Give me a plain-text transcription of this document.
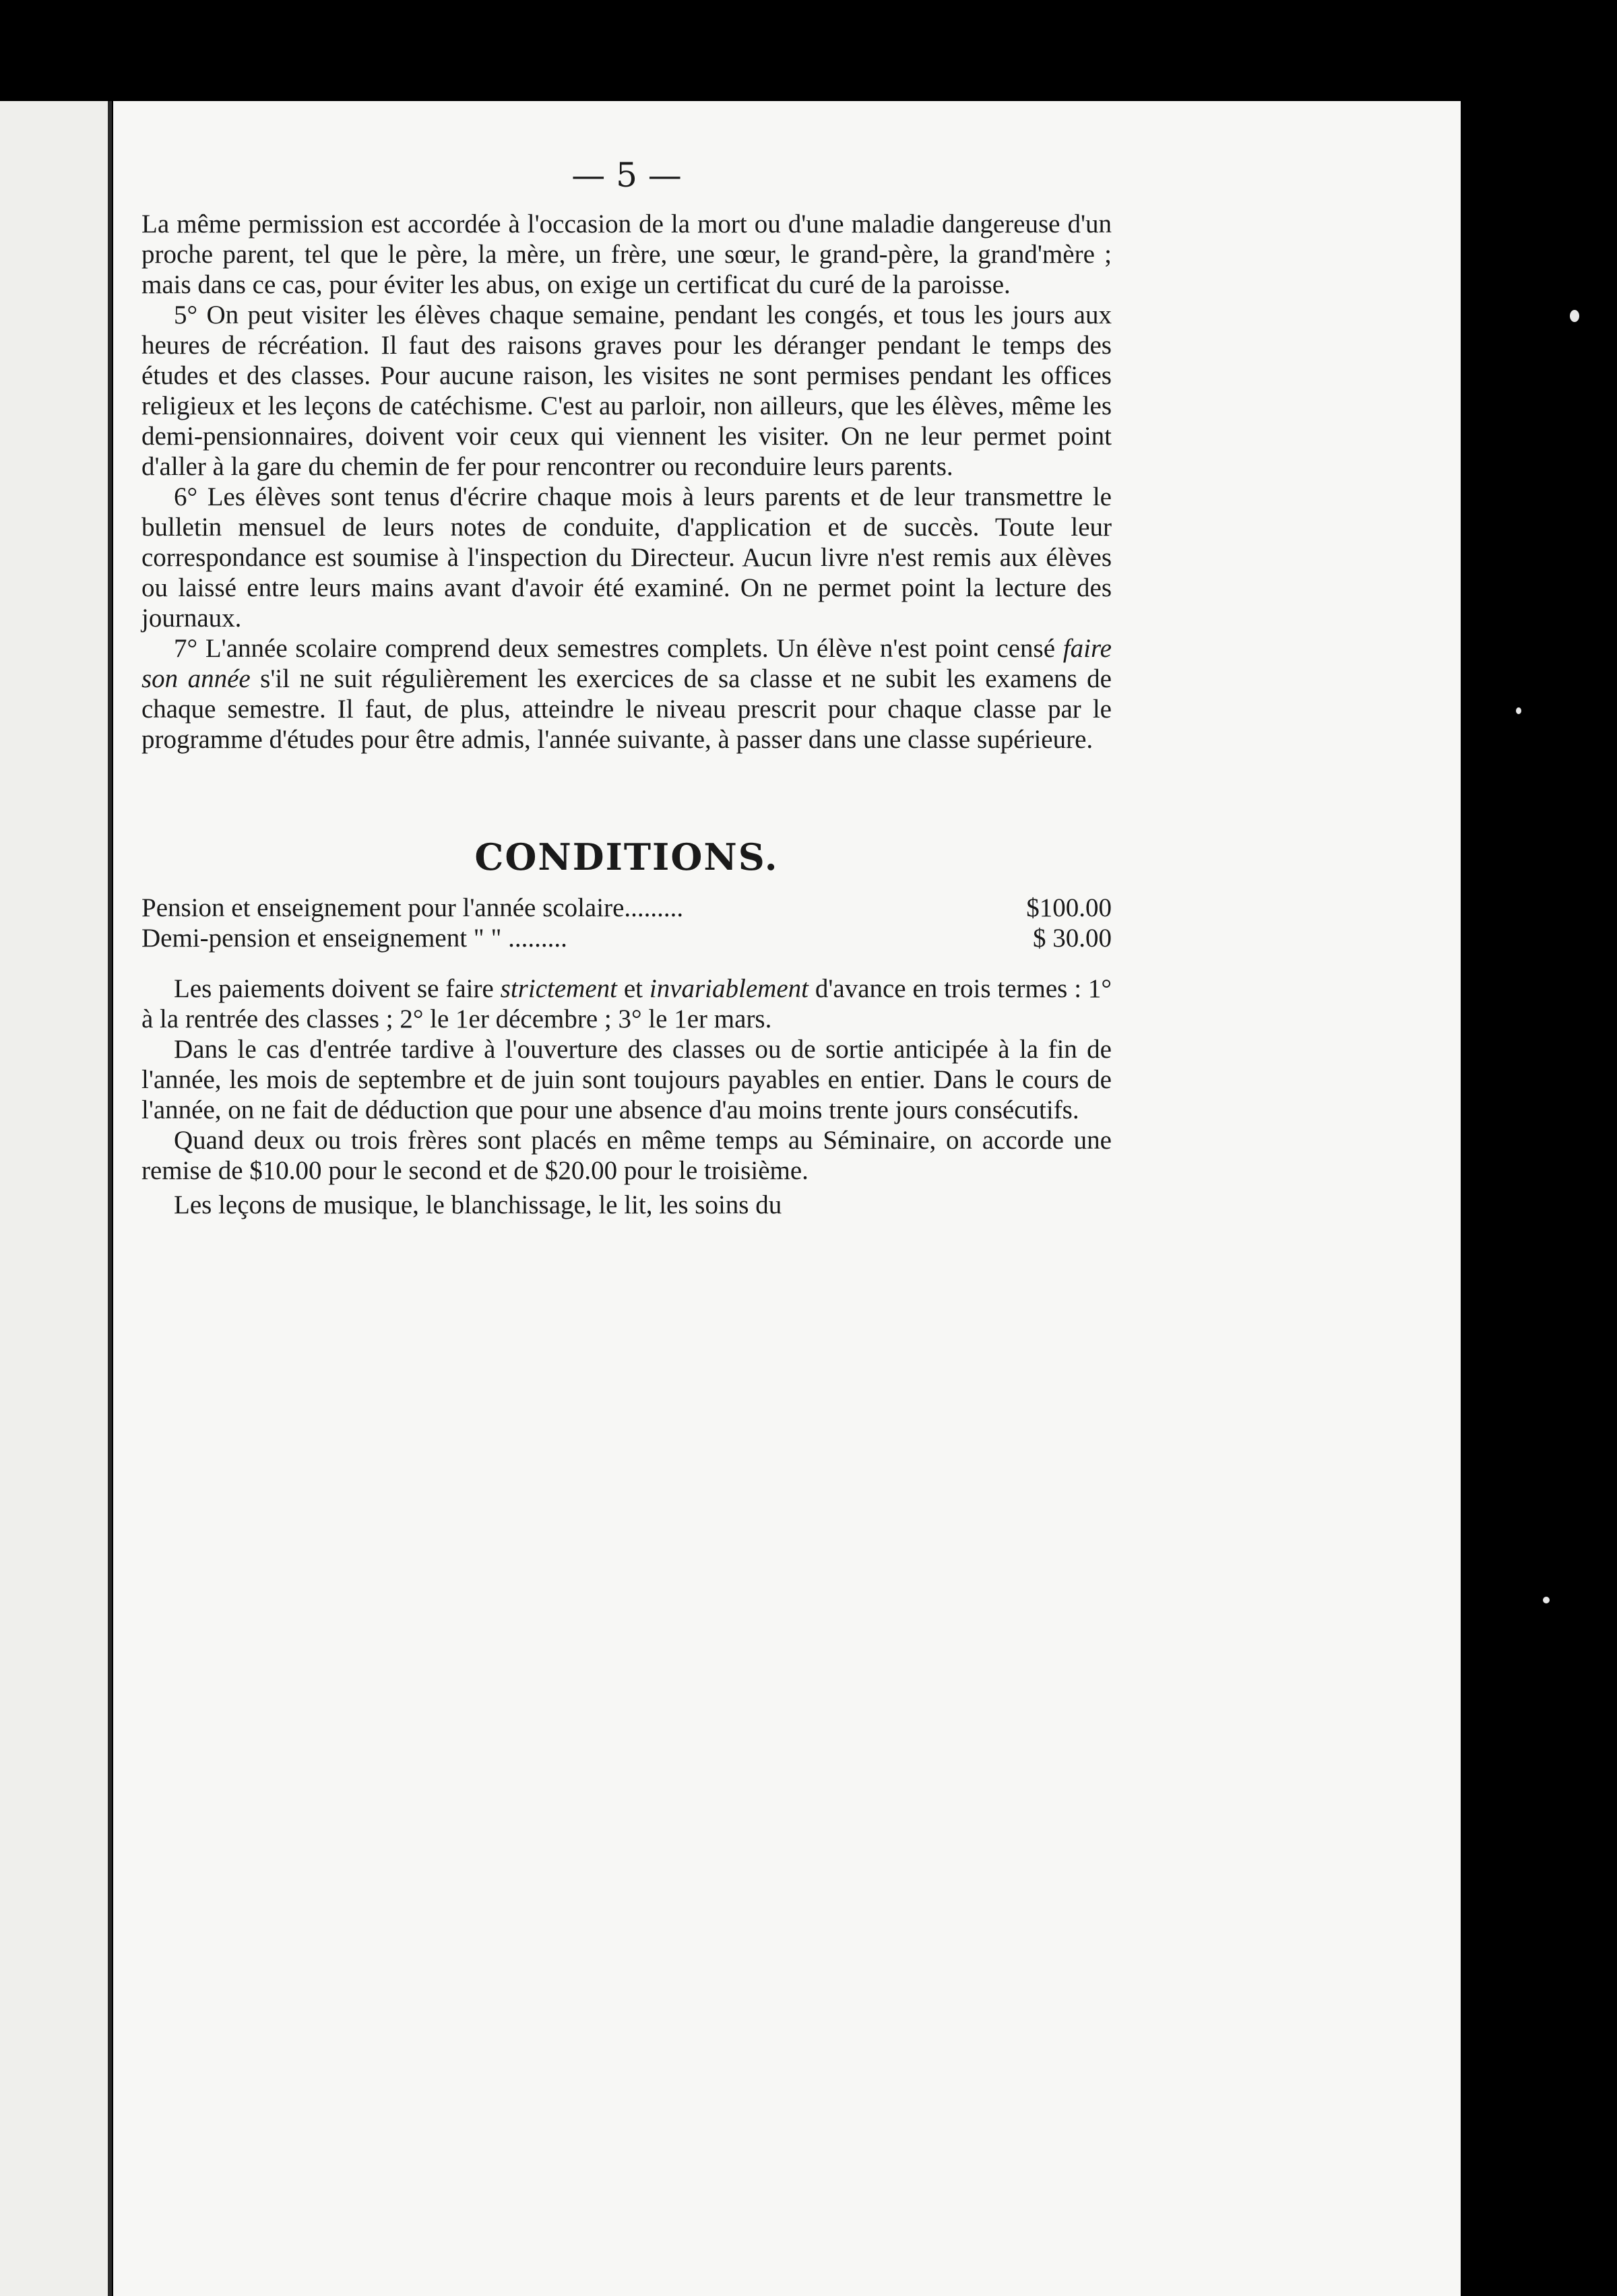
— 5 —

La même permission est accordée à l'occasion de la mort ou d'une maladie dangereuse d'un proche parent, tel que le père, la mère, un frère, une sœur, le grand-père, la grand'mère ; mais dans ce cas, pour éviter les abus, on exige un certificat du curé de la paroisse.

5° On peut visiter les élèves chaque semaine, pendant les congés, et tous les jours aux heures de récréation. Il faut des raisons graves pour les déranger pendant le temps des études et des classes. Pour aucune raison, les visites ne sont permises pendant les offices religieux et les leçons de catéchisme. C'est au parloir, non ailleurs, que les élèves, même les demi-pensionnaires, doivent voir ceux qui viennent les visiter. On ne leur permet point d'aller à la gare du chemin de fer pour rencontrer ou reconduire leurs parents.

6° Les élèves sont tenus d'écrire chaque mois à leurs parents et de leur transmettre le bulletin mensuel de leurs notes de conduite, d'application et de succès. Toute leur correspondance est soumise à l'inspection du Directeur. Aucun livre n'est remis aux élèves ou laissé entre leurs mains avant d'avoir été examiné. On ne permet point la lecture des journaux.

7° L'année scolaire comprend deux semestres complets. Un élève n'est point censé faire son année s'il ne suit régulièrement les exercices de sa classe et ne subit les examens de chaque semestre. Il faut, de plus, atteindre le niveau prescrit pour chaque classe par le programme d'études pour être admis, l'année suivante, à passer dans une classe supérieure.

CONDITIONS.
Pension et enseignement pour l'année scolaire.........	$100.00
Demi-pension et enseignement " " .........	$ 30.00

Les paiements doivent se faire strictement et invariablement d'avance en trois termes : 1° à la rentrée des classes ; 2° le 1er décembre ; 3° le 1er mars.

Dans le cas d'entrée tardive à l'ouverture des classes ou de sortie anticipée à la fin de l'année, les mois de septembre et de juin sont toujours payables en entier. Dans le cours de l'année, on ne fait de déduction que pour une absence d'au moins trente jours consécutifs.

Quand deux ou trois frères sont placés en même temps au Séminaire, on accorde une remise de $10.00 pour le second et de $20.00 pour le troisième.

Les leçons de musique, le blanchissage, le lit, les soins du
